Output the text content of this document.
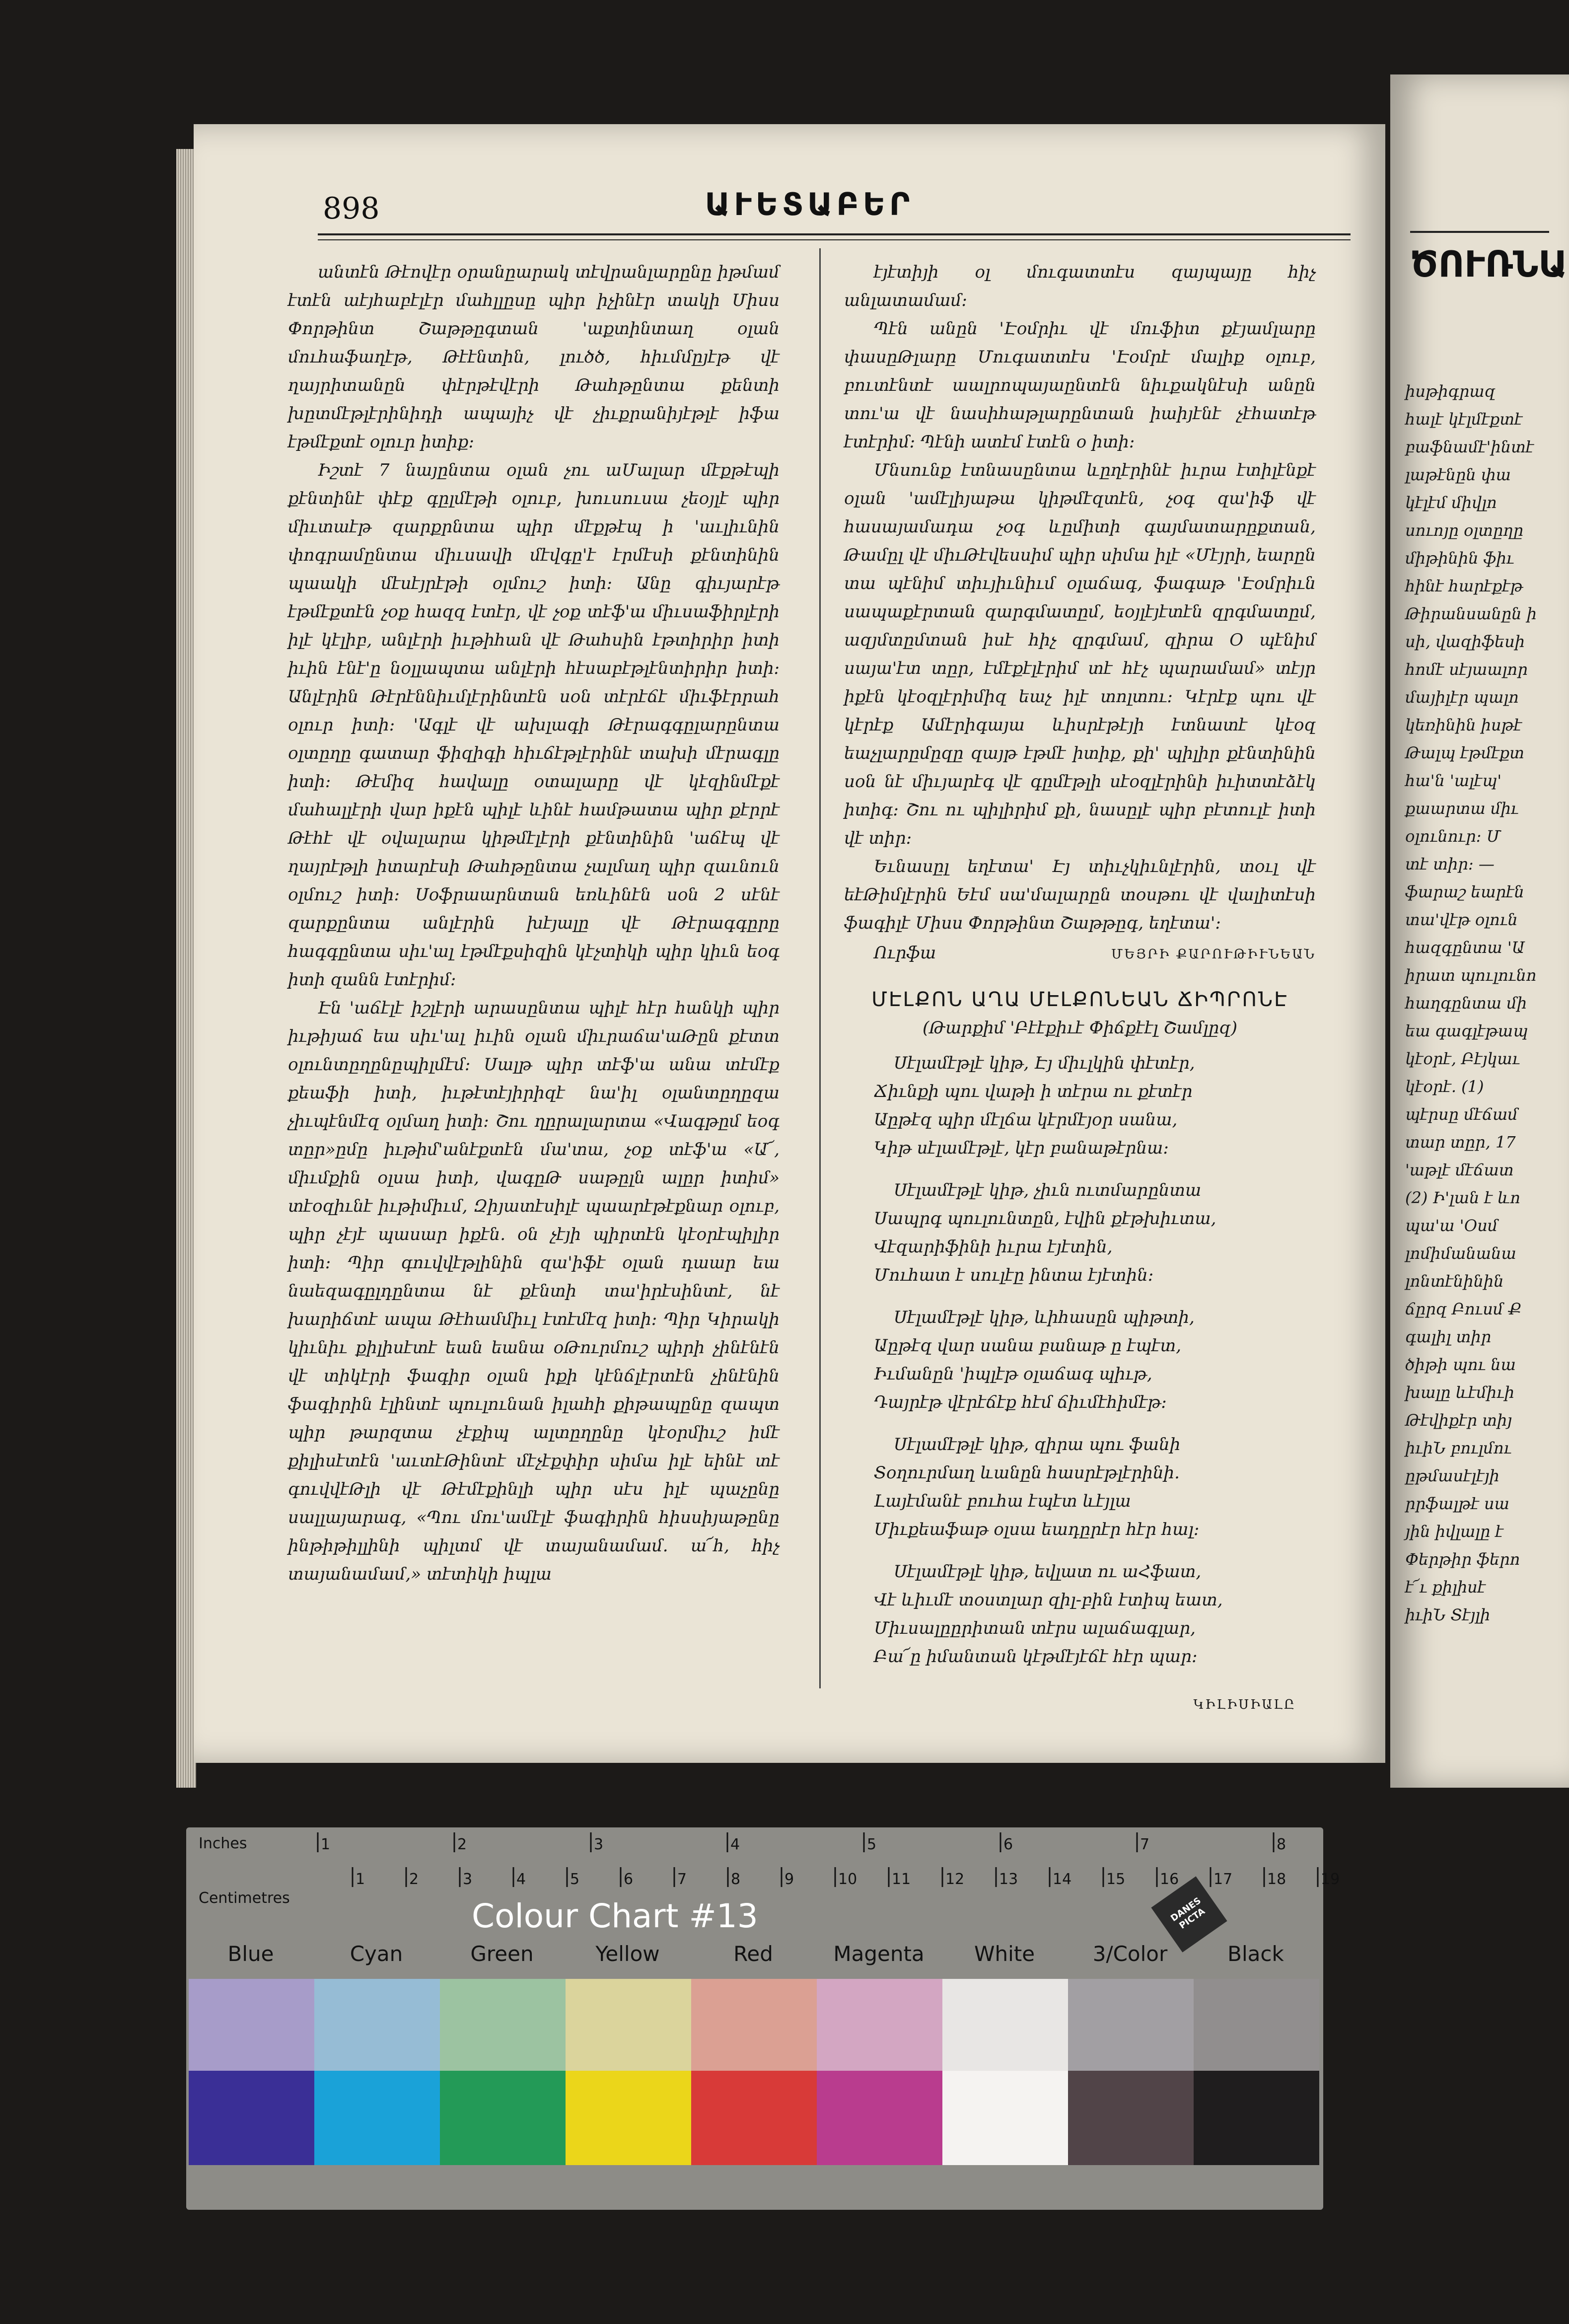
898	ԱՒԵՏԱԲԵՐ

անտէն Թէովէր օրանըարակ տէվրանլարընը իթմամ էտէն աէյհաբէլէր մահլլըսը պիր իչինէր տակի Միսս Փորթինտ Շաթթըգտան 'աքտինտաղ օլան մուհաֆաղէթ, Թէէնտին, լուծծ, հիւմմըյէթ վէ ղայրիտանըն փէրթէվէրի Թահթընտա քենտի խըտմէթլէրինիդի ապայիչ վէ չիւքրանիյէթլէ իֆա էթմէքտէ օլուր իտիք:

Իշտէ 7 նայընտա օլան չու աՄալար մէքթէպի քէնտինէ փէք գըլմէթի օլուբ, խուսուսա չեօյլէ պիր միւտաէթ զարքրնտա պիր մէքթէպ ի 'աւլիւնին փոգրամընտա միւսավի մէվգը'է էրմէսի քէնտինին պաակի մէսէյրէթի օլմուշ իտի: Անը գիւյարէթ էթմէքտէն չօք հազզ էտէր, վէ չօք տէֆ'ա միւսաֆիրլէրի իլէ կէլիբ, անլէրի իւթիհան վէ Թահսին էթտիրիր իտի իւին էնէ'ը նօլլապտա անլէրի հէսաբէթլէնտիրիր իտի: Անլէրին Թէրէննիւմլէրինտէն սօն տէրէճէ միւֆէրրահ օլուր իտի: 'Ագլէ վէ ախլագի Թէրագգըլարընտա օլտըղը գատար ֆիզիգի հիւճէթլէրինէ տախի մէրագլը իտի: Թէմիզ հավալը օտալարը վէ կէզինմէքէ մահալլէրի վար իքէն պիլէ ևինէ համթատա պիր քէրրէ Թէհէ վէ օվալարա կիթմէլէրի քէնտինին 'աճէպ վէ ղայրէթլի իտարէսի Թահթընտա չալմաղ պիր զաւնուն օլմուշ իտի: Սօֆրաարնտան եռևինէն սօն 2 սէնէ զարքընտա անլէրին խէյալը վէ Թէրագգըրը հագգընտա սիւ'ալ էթմէքսիզին կէչտիկի պիր կիւն եօգ իտի զանն էտէրիմ:

Էն 'աճէլէ իշլէրի արասընտա պիլէ հէր հանկի պիր իւթիյաճ եա սիւ'ալ իւին օլան միւրաճա'աԹըն քէտտ օլունտըղընըպիլմէմ: Սալթ պիր տէֆ'ա անա տէմէք քեաֆի իտի, իւթէտէյիրիզէ նա'իլ օլանտըղըզա չիւպէնմէզ օլմաղ իտի: Շու ղըրալարտա «Վագթըմ եօգ տըր»ըմը իւթիմ'անէքտէն մա'տա, չօք տէֆ'ա «Ա՜, միւմքին օլսա իտի, վագըԹ սաթըլն ալըր իտիմ» տէօզիւնէ իւթիմիւմ, Զիյատէսիլէ պաարէթէքնար օլուբ, պիր չէյէ պասար իքէն. օն չէյի պիրտէն կէօրէպիլիր իտի: Պիր գուվվէթլինին զա'իֆէ օլան դաար եա նաեզագըլդընտա նէ քէնտի տա'իրէսինտէ, նէ խարիճտէ ապա Թէհամմիւլ էտէմէզ իտի: Պիր Կիրակի կիւնիւ քիլիսէտէ եան եանա օԹուրմուշ պիրի չինէնէն վէ տիկէրի ֆագիր օլան իքի կէնճլէրտէն չինէնին ֆագիրին էլինտէ պուլունան իլահի քիթապընը զապտ պիր թարզտա չէքիպ ալտըղընը կէօրմիւշ իմէ քիլիսէտէն 'աւտէԹինտէ մէչէքփիր սիմա իլէ եինէ տէ գուվվէԹլի վէ Թէմէքինլի պիր սէս իլէ պաչընը սալլայարագ, «Պու մու'ամէլէ ֆագիրին հիսսիյաթընը ինթիթիլլինի պիլտմ վէ տայանամամ. ա՜հ, հիչ տայանամամ,» տէտիկի իպլա

էյէտիյի օլ մուգատտէս զայպայը հիչ անլատամամ:

Պէն անըն 'Էօմրիւ վէ մուֆիտ քէյամլարը փասըԹլարը Մուգատտէս 'Էօմրէ մալիք օլուբ, բուտէնտէ աալրոպայաընտէն նիւքակնէսի անըն տու'ա վէ նասիհաթլարընտան իաիյէնէ չէհատէթ էտէրիմ: Պէնի ատէմ էտէն օ իտի:

Մնսունք էտնասընտա ևըղէրինէ իւրա էտիլէնքէ օլան 'ամէլիյաթա կիթմէզտէն, չօգ զա'իֆ վէ հասայամադա չօգ ևըմիտի գայմատարըքտան, Թամըլ վէ միւԹէվեսսիմ պիր սիմա իլէ «Մէյրի, եարըն տա պէնիմ տիւյիւնիւմ օլաճագ, ֆագաթ 'Էօմրիւն սապաքէրտան զարգմատըմ, եօյլէյէտէն զրգմատըմ, ազյմտըմտան իսէ հիչ զրգմամ, զիրա Օ պէնիմ սայա'էտ տըր, էմէքէլէրիմ տէ հէչ պարամամ» տէյր իքէն կէօզլէրիմիզ եաչ իլէ տոլտու: Կէրէք պու վէ կէրէք Ամէրիգայա ևիսրէթէյի էտնատէ կէօզ եաչլարըմըզը զայթ էթմէ իտիք, քի' պիլիր քէնտինին սօն նէ միւյարէգ վէ գըմէթլի սէօզլէրինի իւիտտէձէկ իտիգ: Շու ու պիլիրիմ քի, նասըլէ պիր բէտուլէ իտի վէ տիր:

Եւնասըլ եղէտա' Էյ տիւչկիւնլէրին, տօւլ վէ եէԹիմլէրին Եէմ սա'մալարըն տօսթու վէ վալիտէսի ֆագիլէ Միսս Փորթինտ Շաթթըգ, եղէտա':

Ուրֆա	ՄԵՅՐԻ ՔԱՐՈՒԹԻՒՆԵԱՆ
ՄԷԼՔՈՆ ԱՂԱ ՄԷԼՔՈՆԵԱՆ ՃԻՊՐՈՆԷ
(Թարքիմ 'Բէէքիւէ Փիճքէէլ Շամլըզ)
Սէլամէթլէ կիթ, Էյ միւլկին փէտէր,
Ճիւնքի պու վաթի ի տէրա ու քէտէր
Աըթէզ պիր մէլճա կէրմէյօր սանա,
Կիթ սէլամէթլէ, կէր բանաթէրնա:
Սէլամէթլէ կիթ, չիւն ուտմարընտա
Սապրգ պուլունտըն, էվին քէթխիւտա,
Վէզարիֆինի իւրա էյէտին,
Մուհատ է սուլէը ինտա էյէտին:
Սէլամէթլէ կիթ, ևիհասըն պիթտի,
Աըթէզ վար սանա բանաթ ը էպէտ,
Իւմանըն 'իպլէթ օլաճագ պիւթ,
Դայրէթ վէրէճէք հէմ ճիւմէհիմէթ:
Սէլամէթլէ կիթ, զիրա պու ֆանի
Տօղուրմաղ ևանըն հասրէթլէրինի.
Լայէմանէ բուհա էպէտ ևէյլա
Միւքեաֆաթ օլսա եադըրէր հէր հալ:
Սէլամէթլէ կիթ, եվլատ ու աՀֆատ,
Վէ ևիւմէ տօստլար զիլ-բին էտիպ եատ,
Միւսալըըրիտան տէրս ալաճագլար,
Բա՜ը իմանտան կէթմէյէճէ հէր պար:
ԿԻԼԻՍԻԱԼԸ
ԾՈՒՌՆԱ
իսթիգրազ
հալէ կէլմէքտէ
բաֆնամէ'ինտէ
լաթէնըն փա
կէլէմ միվլո
սուոյը օլտըղը
միթինին ֆիւ
հինէ հարէքէթ
Թիրանսանըն ի
սի, վազիֆեսի
հոմէ սէյաալոր
մայիլէր պալո
կեռինին իսթէ
Թալպ էթմէքտ
հա'ն 'ալէպ'
քաարտա միւ
օլունուր: Մ
տէ տիր: —
ֆարաշ եարէն
տա'վէթ օլուն
հազգընտա 'Ա
իրատ պուլունո
հաղգընտա մի
եա գագլէթապ
կէօրէ, Բէյկաւ
կէօրէ. (1)
պէրսը մէճամ
տար տըր, 17
'աթլէ մէճատ
(2) Ի'լան է ևո
պա'ա 'Օսմ
լոմիմանանա
լոնտէնինին
ճըրզ Բուսմ Ք
գալիլ տիր
ծիթի պու նա
խալը ևէմիւի
Թէվիքէր տիյ
իւիՆ բուլմու
ըթմասէլէյի
րրֆալթէ սա
յին իվլալը է
Փերթիր ֆերո
է՜ւ քիլիսէ
իւիՆ Տէյլի
Inches
Centimetres
1	2	3	4	5	6	7	8
1	2	3	4	5	6	7	8	9	10 11 12 13 14 15 16 17 18 19
Colour Chart #13	DANES PICTA
Blue	Cyan	Green	Yellow	Red	Magenta	White	3/Color	Black
